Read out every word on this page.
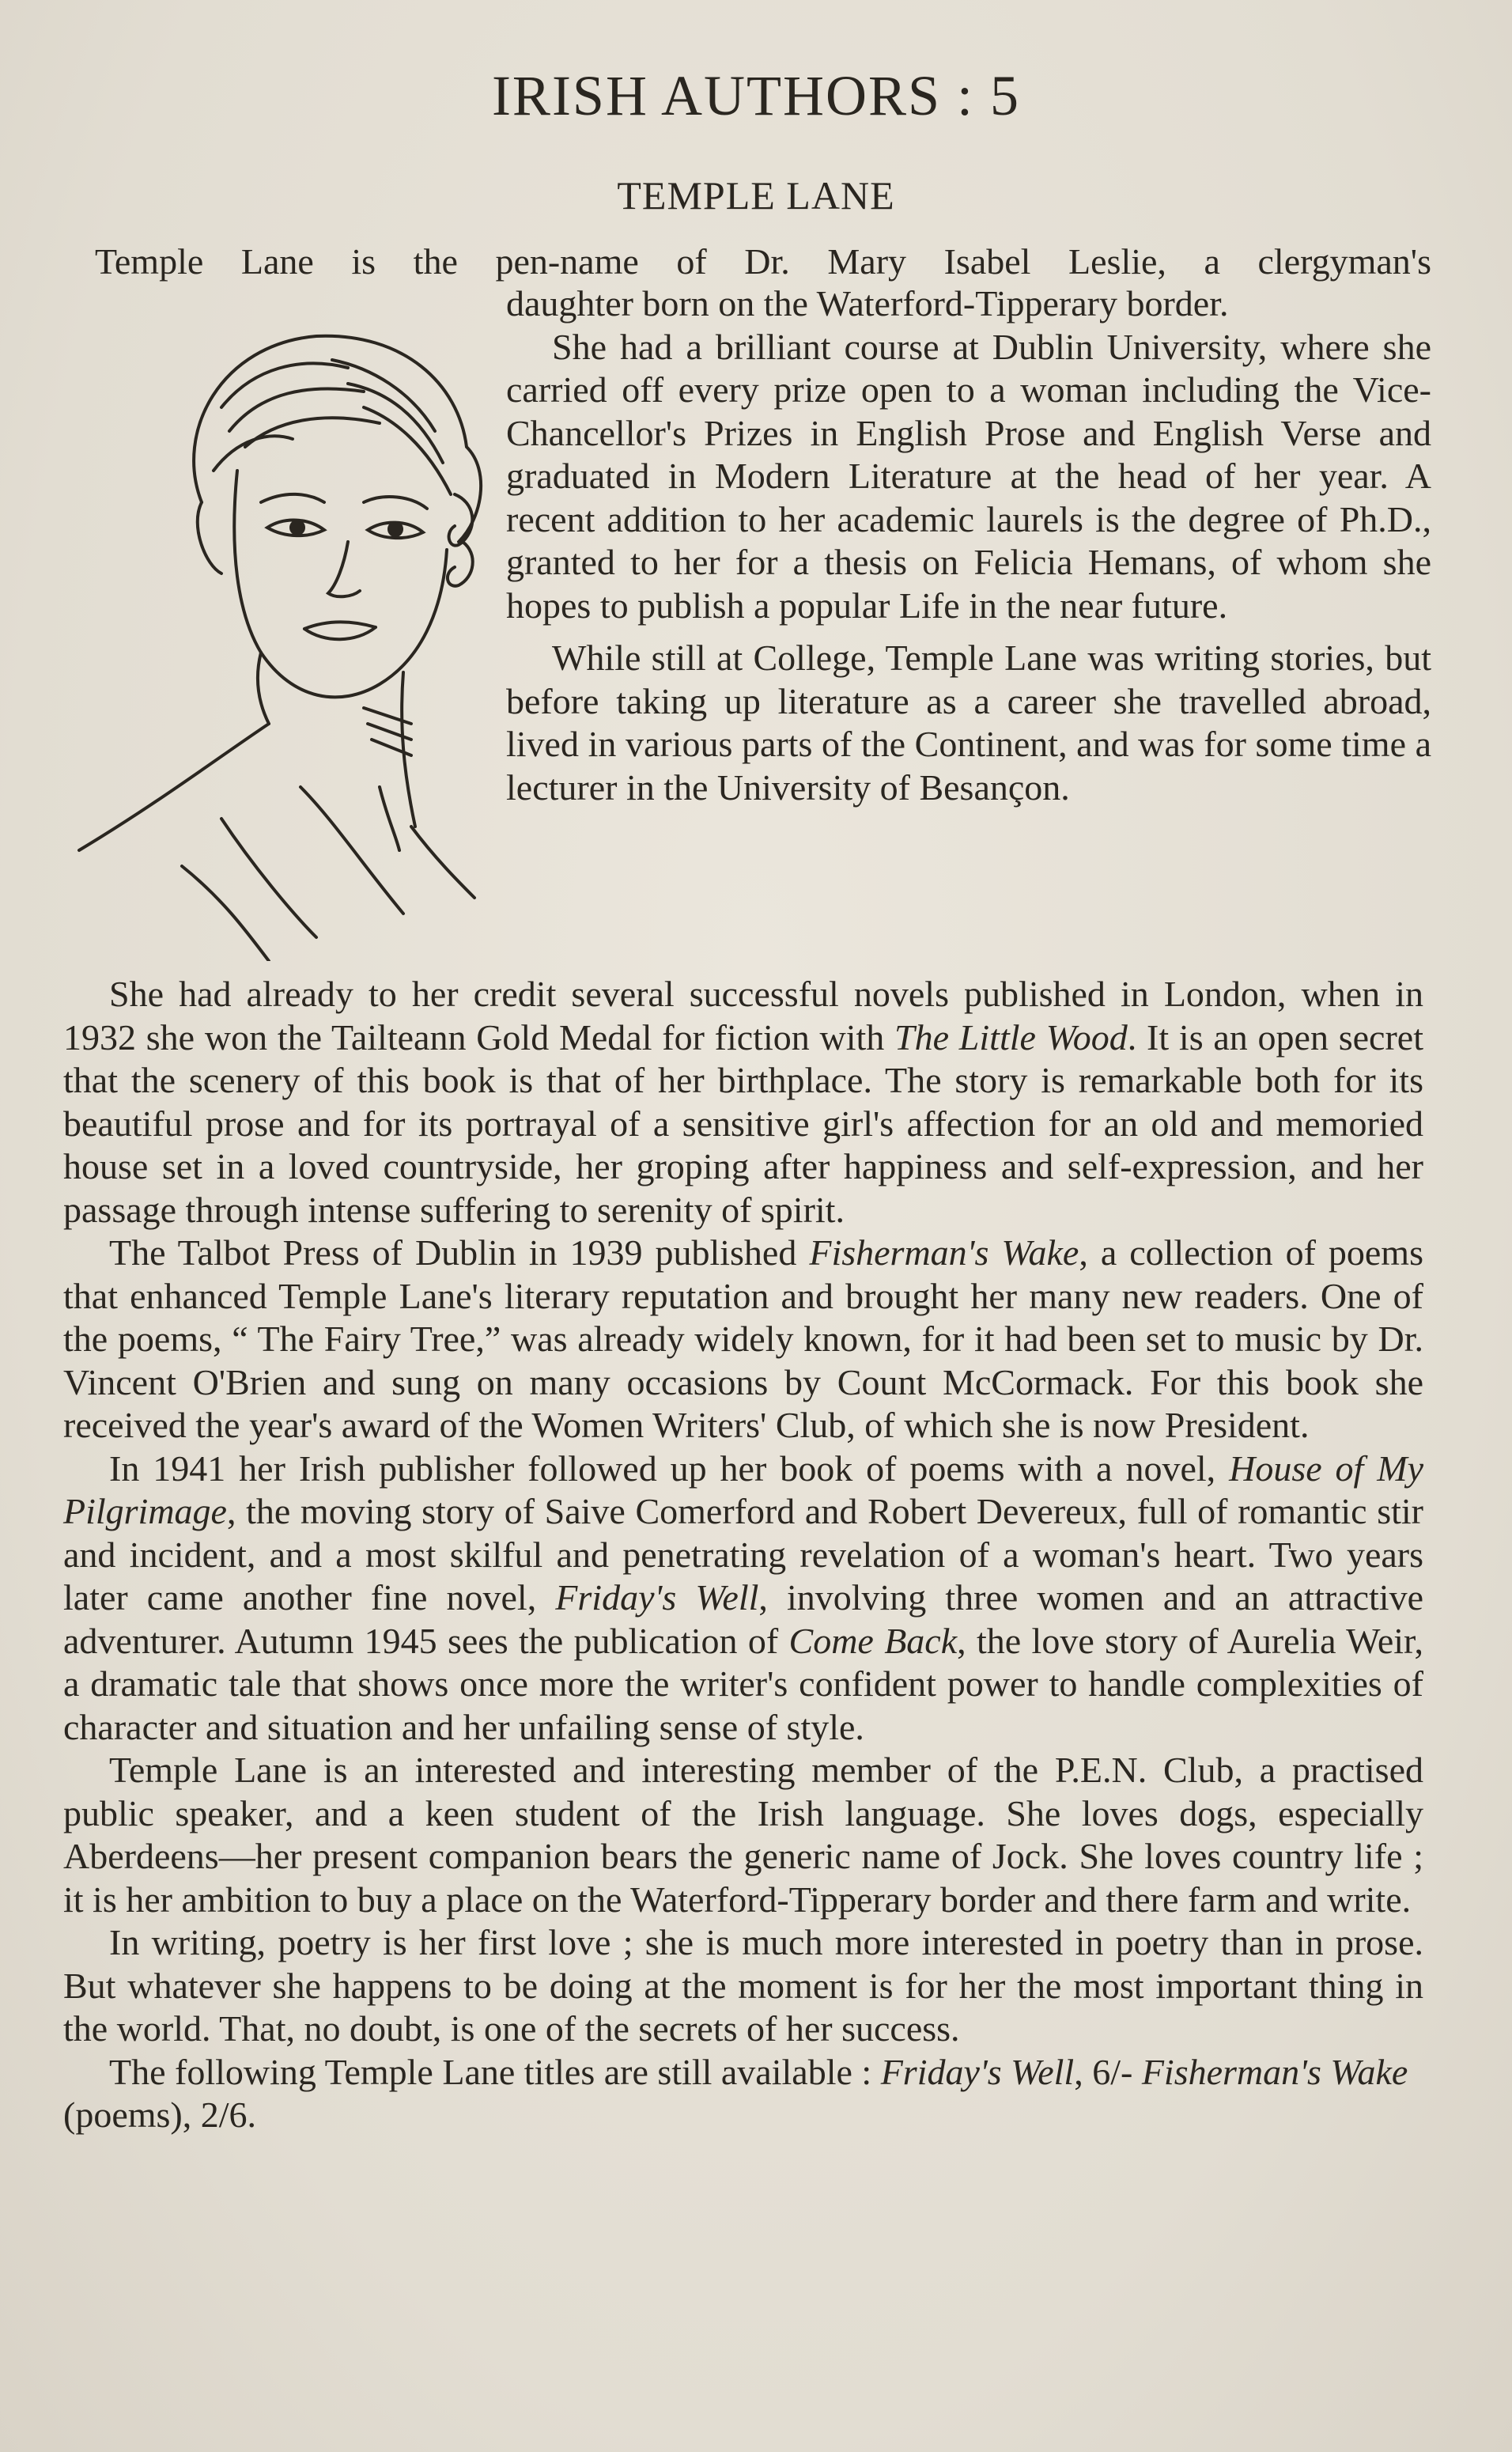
IRISH AUTHORS : 5
TEMPLE LANE

Temple Lane is the pen-name of Dr. Mary Isabel Leslie, a clergyman's

daughter born on the Waterford-Tipperary border.

She had a brilliant course at Dublin University, where she carried off every prize open to a woman including the Vice-Chancellor's Prizes in English Prose and English Verse and graduated in Modern Literature at the head of her year. A recent addition to her academic laurels is the degree of Ph.D., granted to her for a thesis on Felicia Hemans, of whom she hopes to publish a popular Life in the near future.

While still at College, Temple Lane was writing stories, but before taking up literature as a career she travelled abroad, lived in various parts of the Continent, and was for some time a lecturer in the University of Besançon.

She had already to her credit several successful novels published in London, when in 1932 she won the Tailteann Gold Medal for fiction with The Little Wood. It is an open secret that the scenery of this book is that of her birthplace. The story is remarkable both for its beautiful prose and for its portrayal of a sensitive girl's affection for an old and memoried house set in a loved countryside, her groping after happiness and self-expression, and her passage through intense suffering to serenity of spirit.

The Talbot Press of Dublin in 1939 published Fisherman's Wake, a collection of poems that enhanced Temple Lane's literary reputation and brought her many new readers. One of the poems, “ The Fairy Tree,” was already widely known, for it had been set to music by Dr. Vincent O'Brien and sung on many occasions by Count McCormack. For this book she received the year's award of the Women Writers' Club, of which she is now President.

In 1941 her Irish publisher followed up her book of poems with a novel, House of My Pilgrimage, the moving story of Saive Comerford and Robert Devereux, full of romantic stir and incident, and a most skilful and penetrating revelation of a woman's heart. Two years later came another fine novel, Friday's Well, involving three women and an attractive adventurer. Autumn 1945 sees the publication of Come Back, the love story of Aurelia Weir, a dramatic tale that shows once more the writer's confident power to handle complexities of character and situation and her unfailing sense of style.

Temple Lane is an interested and interesting member of the P.E.N. Club, a practised public speaker, and a keen student of the Irish language. She loves dogs, especially Aberdeens—her present companion bears the generic name of Jock. She loves country life ; it is her ambition to buy a place on the Waterford-Tipperary border and there farm and write.

In writing, poetry is her first love ; she is much more interested in poetry than in prose. But whatever she happens to be doing at the moment is for her the most important thing in the world. That, no doubt, is one of the secrets of her success.

The following Temple Lane titles are still available : Friday's Well, 6/- Fisherman's Wake (poems), 2/6.
